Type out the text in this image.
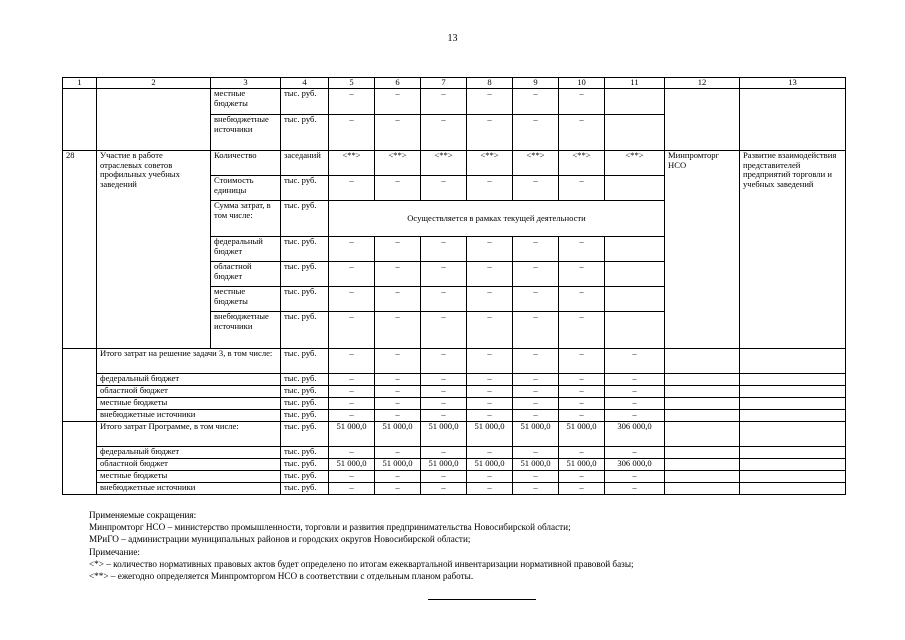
13
1	2	3	4	5	6	7	8	9	10	11	12	13
		местные бюджеты	тыс. руб.	–	–	–	–	–	–			
		внебюджетные источники	тыс. руб.	–	–	–	–	–	–			
28	Участие в работе отраслевых советов профильных учебных заведений	Количество	заседаний	<**>	<**>	<**>	<**>	<**>	<**>	<**>	Минпромторг НСО	Развитие взаимодействия представителей предприятий торговли и учебных заведений
		Стоимость единицы	тыс. руб.	–	–	–	–	–	–			
		Сумма затрат, в том числе:	тыс. руб.	Осуществляется в рамках текущей деятельности								
		федеральный бюджет	тыс. руб.	–	–	–	–	–	–			
		областной бюджет	тыс. руб.	–	–	–	–	–	–			
		местные бюджеты	тыс. руб.	–	–	–	–	–	–			
		внебюджетные источники	тыс. руб.	–	–	–	–	–	–			
	Итого затрат на решение задачи 3, в том числе:		тыс. руб.	–	–	–	–	–	–	–		
	федеральный бюджет		тыс. руб.	–	–	–	–	–	–	–		
	областной бюджет		тыс. руб.	–	–	–	–	–	–	–		
	местные бюджеты		тыс. руб.	–	–	–	–	–	–	–		
	внебюджетные источники		тыс. руб.	–	–	–	–	–	–	–		
	Итого затрат Программе, в том числе:		тыс. руб.	51 000,0	51 000,0	51 000,0	51 000,0	51 000,0	51 000,0	306 000,0		
	федеральный бюджет		тыс. руб.	–	–	–	–	–	–	–		
	областной бюджет		тыс. руб.	51 000,0	51 000,0	51 000,0	51 000,0	51 000,0	51 000,0	306 000,0		
	местные бюджеты		тыс. руб.	–	–	–	–	–	–	–		
	внебюджетные источники		тыс. руб.	–	–	–	–	–	–	–		
Применяемые сокращения:
Минпромторг НСО – министерство промышленности, торговли и развития предпринимательства Новосибирской области;
МРиГО – администрации муниципальных районов и городских округов Новосибирской области;
Примечание:
<*> – количество нормативных правовых актов будет определено по итогам ежеквартальной инвентаризации нормативной правовой базы;
<**> – ежегодно определяется Минпромторгом НСО в соответствии с отдельным планом работы.
